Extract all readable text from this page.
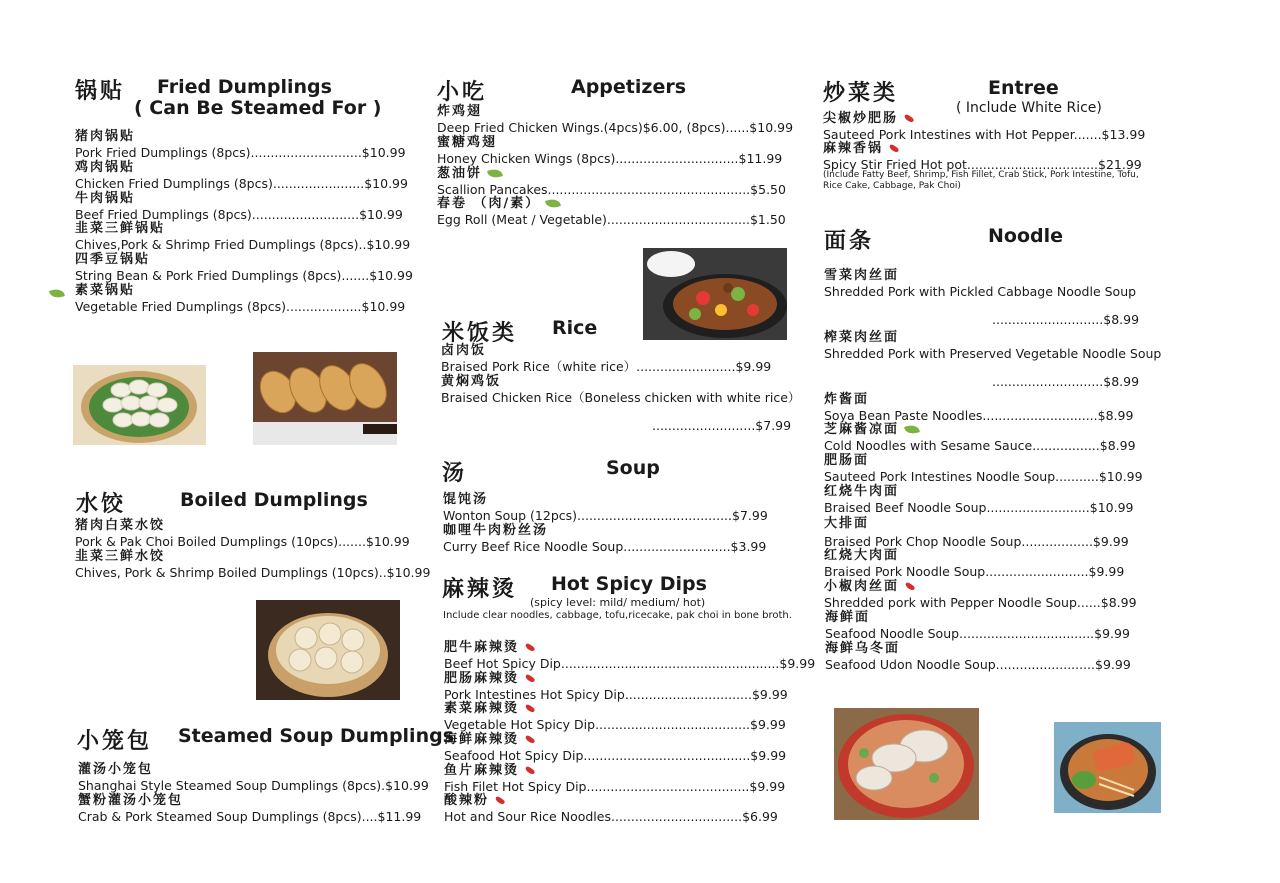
锅贴 Fried Dumplings
( Can Be Steamed For )
猪肉锅贴
Pork Fried Dumplings (8pcs)............................$10.99
鸡肉锅贴
Chicken Fried Dumplings (8pcs).......................$10.99
牛肉锅贴
Beef Fried Dumplings (8pcs)...........................$10.99
韭菜三鲜锅贴
Chives,Pork & Shrimp Fried Dumplings (8pcs)..$10.99
四季豆锅贴
String Bean & Pork Fried Dumplings (8pcs).......$10.99
素菜锅贴
Vegetable Fried Dumplings (8pcs)...................$10.99
水饺	Boiled Dumplings
猪肉白菜水饺
Pork & Pak Choi Boiled Dumplings (10pcs).......$10.99
韭菜三鲜水饺
Chives, Pork & Shrimp Boiled Dumplings (10pcs)..$10.99
小笼包 Steamed Soup Dumplings
灌汤小笼包
Shanghai Style Steamed Soup Dumplings (8pcs).$10.99
蟹粉灌汤小笼包
Crab & Pork Steamed Soup Dumplings (8pcs)....$11.99
小吃	Appetizers
炸鸡翅
Deep Fried Chicken Wings.(4pcs)$6.00, (8pcs)......$10.99
蜜糖鸡翅
Honey Chicken Wings (8pcs)...............................$11.99
葱油饼
Scallion Pancakes...................................................$5.50
春卷 （肉/素）
Egg Roll (Meat / Vegetable)....................................$1.50
米饭类 Rice
卤肉饭
Braised Pork Rice（white rice）.........................$9.99
黄焖鸡饭
Braised Chicken Rice（Boneless chicken with white rice）
..........................$7.99
汤	Soup
馄饨汤
Wonton Soup (12pcs).......................................$7.99
咖哩牛肉粉丝汤
Curry Beef Rice Noodle Soup...........................$3.99
麻辣烫 Hot Spicy Dips
(spicy level: mild/ medium/ hot)
Include clear noodles, cabbage, tofu,ricecake, pak choi in bone broth.
肥牛麻辣烫
Beef Hot Spicy Dip.......................................................$9.99
肥肠麻辣烫
Pork Intestines Hot Spicy Dip................................$9.99
素菜麻辣烫
Vegetable Hot Spicy Dip.......................................$9.99
海鲜麻辣烫
Seafood Hot Spicy Dip..........................................$9.99
鱼片麻辣烫
Fish Filet Hot Spicy Dip.........................................$9.99
酸辣粉
Hot and Sour Rice Noodles.................................$6.99
炒菜类	Entree
( Include White Rice)
尖椒炒肥肠
Sauteed Pork Intestines with Hot Pepper.......$13.99
麻辣香锅
Spicy Stir Fried Hot pot.................................$21.99
(Include Fatty Beef, Shrimp, Fish Fillet, Crab Stick, Pork Intestine, Tofu,
Rice Cake, Cabbage, Pak Choi)
面条	Noodle
雪菜肉丝面
Shredded Pork with Pickled Cabbage Noodle Soup
............................$8.99
榨菜肉丝面
Shredded Pork with Preserved Vegetable Noodle Soup
............................$8.99
炸酱面
Soya Bean Paste Noodles.............................$8.99
芝麻酱凉面
Cold Noodles with Sesame Sauce.................$8.99
肥肠面
Sauteed Pork Intestines Noodle Soup...........$10.99
红烧牛肉面
Braised Beef Noodle Soup..........................$10.99
大排面
Braised Pork Chop Noodle Soup..................$9.99
红烧大肉面
Braised Pork Noodle Soup..........................$9.99
小椒肉丝面
Shredded pork with Pepper Noodle Soup......$8.99
海鲜面
Seafood Noodle Soup..................................$9.99
海鲜乌冬面
Seafood Udon Noodle Soup.........................$9.99
